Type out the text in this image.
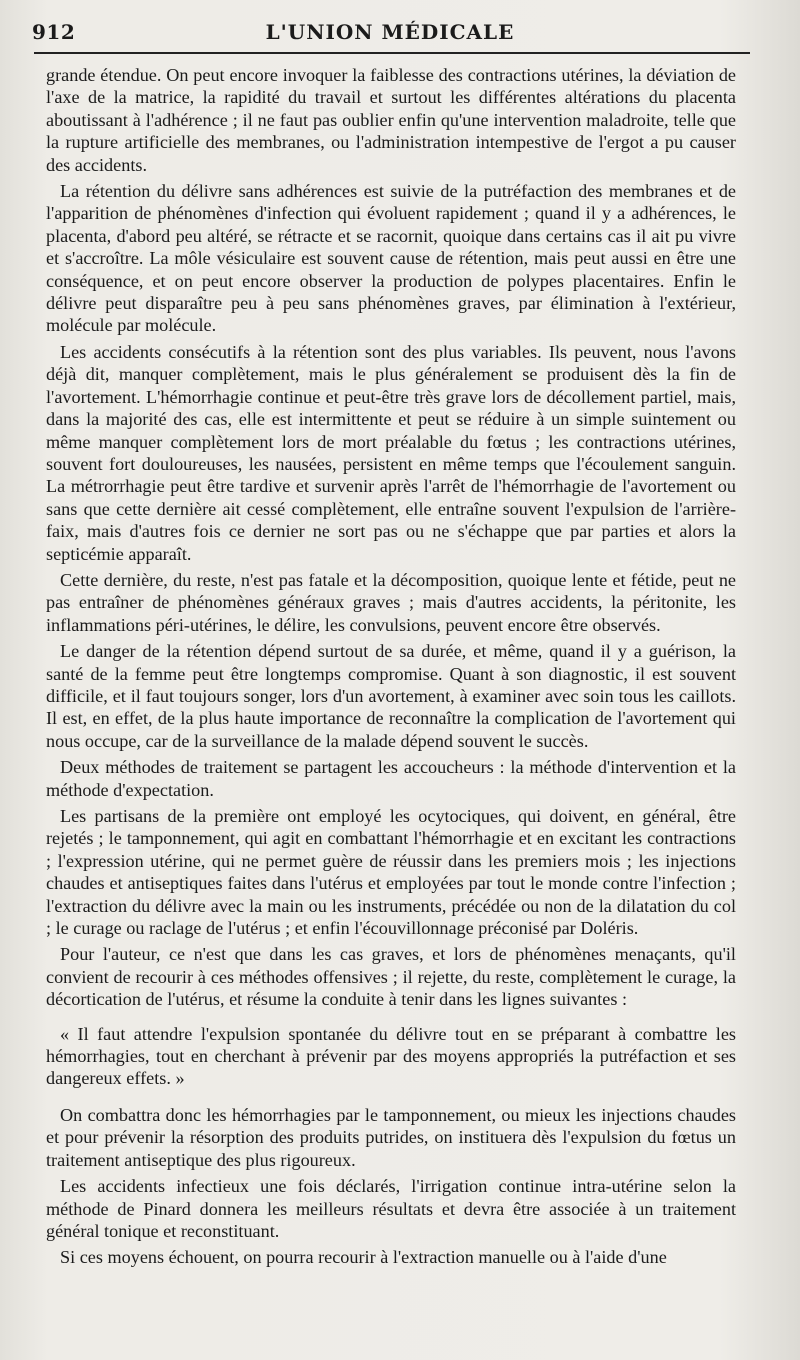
912	L'UNION MÉDICALE

grande étendue. On peut encore invoquer la faiblesse des contractions utérines, la déviation de l'axe de la matrice, la rapidité du travail et surtout les différentes altérations du placenta aboutissant à l'adhérence ; il ne faut pas oublier enfin qu'une intervention maladroite, telle que la rupture artificielle des membranes, ou l'administration intempestive de l'ergot a pu causer des accidents.

La rétention du délivre sans adhérences est suivie de la putréfaction des membranes et de l'apparition de phénomènes d'infection qui évoluent rapidement ; quand il y a adhérences, le placenta, d'abord peu altéré, se rétracte et se racornit, quoique dans certains cas il ait pu vivre et s'accroître. La môle vésiculaire est souvent cause de rétention, mais peut aussi en être une conséquence, et on peut encore observer la production de polypes placentaires. Enfin le délivre peut disparaître peu à peu sans phénomènes graves, par élimination à l'extérieur, molécule par molécule.

Les accidents consécutifs à la rétention sont des plus variables. Ils peuvent, nous l'avons déjà dit, manquer complètement, mais le plus généralement se produisent dès la fin de l'avortement. L'hémorrhagie continue et peut-être très grave lors de décollement partiel, mais, dans la majorité des cas, elle est intermittente et peut se réduire à un simple suintement ou même manquer complètement lors de mort préalable du fœtus ; les contractions utérines, souvent fort douloureuses, les nausées, persistent en même temps que l'écoulement sanguin. La métrorrhagie peut être tardive et survenir après l'arrêt de l'hémorrhagie de l'avortement ou sans que cette dernière ait cessé complètement, elle entraîne souvent l'expulsion de l'arrière-faix, mais d'autres fois ce dernier ne sort pas ou ne s'échappe que par parties et alors la septicémie apparaît.

Cette dernière, du reste, n'est pas fatale et la décomposition, quoique lente et fétide, peut ne pas entraîner de phénomènes généraux graves ; mais d'autres accidents, la péritonite, les inflammations péri-utérines, le délire, les convulsions, peuvent encore être observés.

Le danger de la rétention dépend surtout de sa durée, et même, quand il y a guérison, la santé de la femme peut être longtemps compromise. Quant à son diagnostic, il est souvent difficile, et il faut toujours songer, lors d'un avortement, à examiner avec soin tous les caillots. Il est, en effet, de la plus haute importance de reconnaître la complication de l'avortement qui nous occupe, car de la surveillance de la malade dépend souvent le succès.

Deux méthodes de traitement se partagent les accoucheurs : la méthode d'intervention et la méthode d'expectation.

Les partisans de la première ont employé les ocytociques, qui doivent, en général, être rejetés ; le tamponnement, qui agit en combattant l'hémorrhagie et en excitant les contractions ; l'expression utérine, qui ne permet guère de réussir dans les premiers mois ; les injections chaudes et antiseptiques faites dans l'utérus et employées par tout le monde contre l'infection ; l'extraction du délivre avec la main ou les instruments, précédée ou non de la dilatation du col ; le curage ou raclage de l'utérus ; et enfin l'écouvillonnage préconisé par Doléris.

Pour l'auteur, ce n'est que dans les cas graves, et lors de phénomènes menaçants, qu'il convient de recourir à ces méthodes offensives ; il rejette, du reste, complètement le curage, la décortication de l'utérus, et résume la conduite à tenir dans les lignes suivantes :

« Il faut attendre l'expulsion spontanée du délivre tout en se préparant à combattre les hémorrhagies, tout en cherchant à prévenir par des moyens appropriés la putréfaction et ses dangereux effets. »

On combattra donc les hémorrhagies par le tamponnement, ou mieux les injections chaudes et pour prévenir la résorption des produits putrides, on instituera dès l'expulsion du fœtus un traitement antiseptique des plus rigoureux.

Les accidents infectieux une fois déclarés, l'irrigation continue intra-utérine selon la méthode de Pinard donnera les meilleurs résultats et devra être associée à un traitement général tonique et reconstituant.

Si ces moyens échouent, on pourra recourir à l'extraction manuelle ou à l'aide d'une
